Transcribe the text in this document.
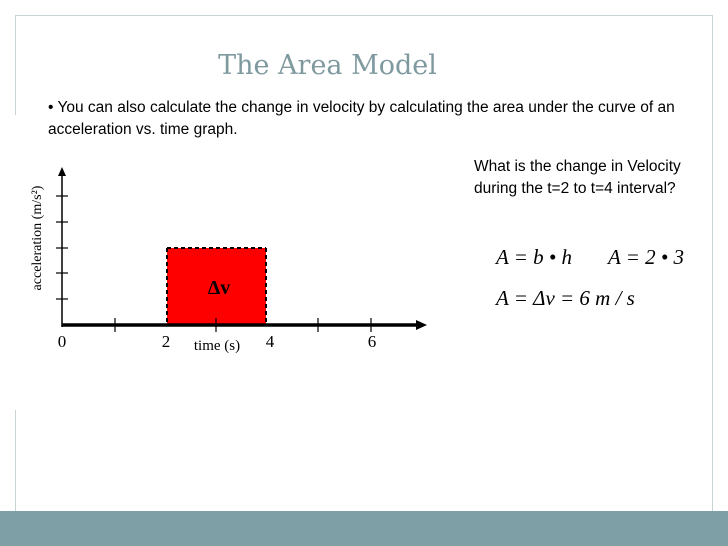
The Area Model
• You can also calculate the change in velocity by calculating the area under the curve of an acceleration vs. time graph.
What is the change in Velocity during the t=2 to t=4 interval?
A = b • h A = 2 • 3
A = Δv = 6 m / s
0	2	4	6
time (s)
acceleration (m/s²)	Δv
